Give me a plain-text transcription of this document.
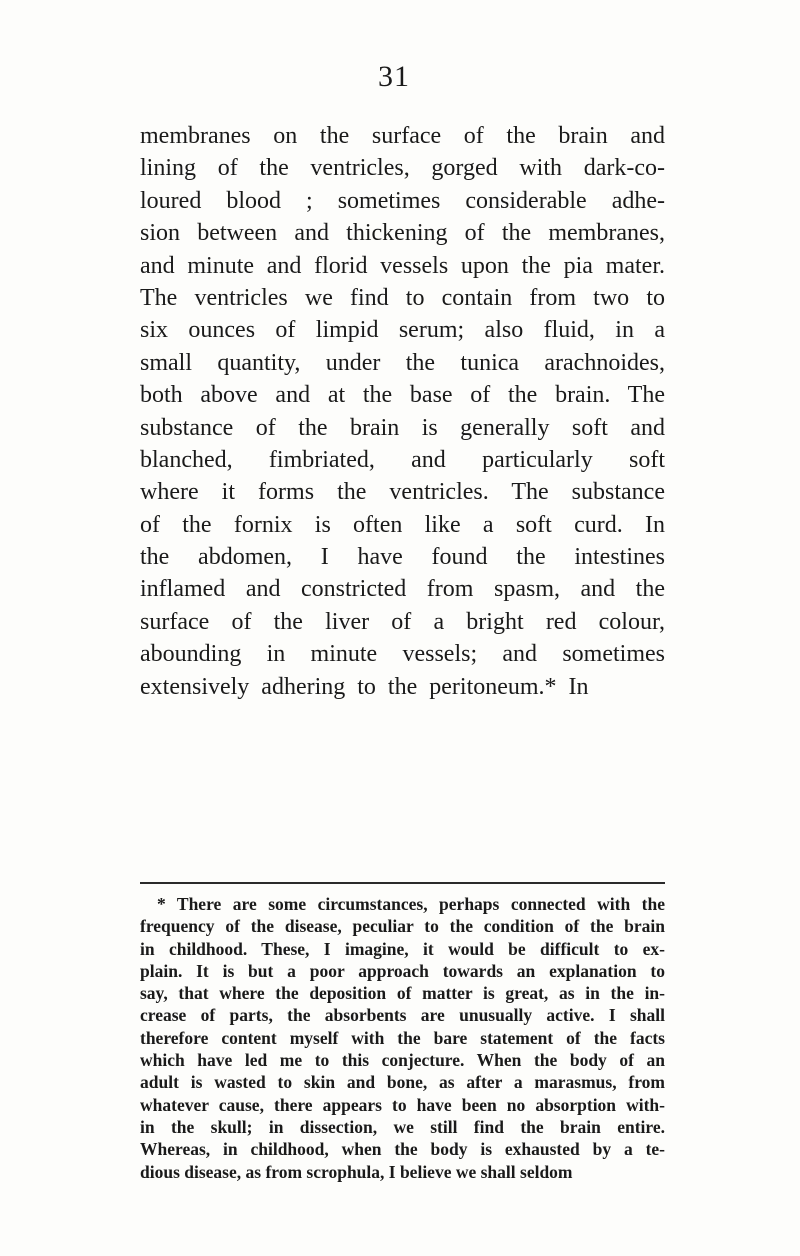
31
membranes on the surface of the brain and
lining of the ventricles, gorged with dark-co-
loured blood ; sometimes considerable adhe-
sion between and thickening of the membranes,
and minute and florid vessels upon the pia mater.
The ventricles we find to contain from two to
six ounces of limpid serum; also fluid, in a
small quantity, under the tunica arachnoides,
both above and at the base of the brain. The
substance of the brain is generally soft and
blanched, fimbriated, and particularly soft
where it forms the ventricles. The substance
of the fornix is often like a soft curd. In
the abdomen, I have found the intestines
inflamed and constricted from spasm, and the
surface of the liver of a bright red colour,
abounding in minute vessels; and sometimes
extensively adhering to the peritoneum.* In
* There are some circumstances, perhaps connected with the
frequency of the disease, peculiar to the condition of the brain
in childhood. These, I imagine, it would be difficult to ex-
plain. It is but a poor approach towards an explanation to
say, that where the deposition of matter is great, as in the in-
crease of parts, the absorbents are unusually active. I shall
therefore content myself with the bare statement of the facts
which have led me to this conjecture. When the body of an
adult is wasted to skin and bone, as after a marasmus, from
whatever cause, there appears to have been no absorption with-
in the skull; in dissection, we still find the brain entire.
Whereas, in childhood, when the body is exhausted by a te-
dious disease, as from scrophula, I believe we shall seldom
